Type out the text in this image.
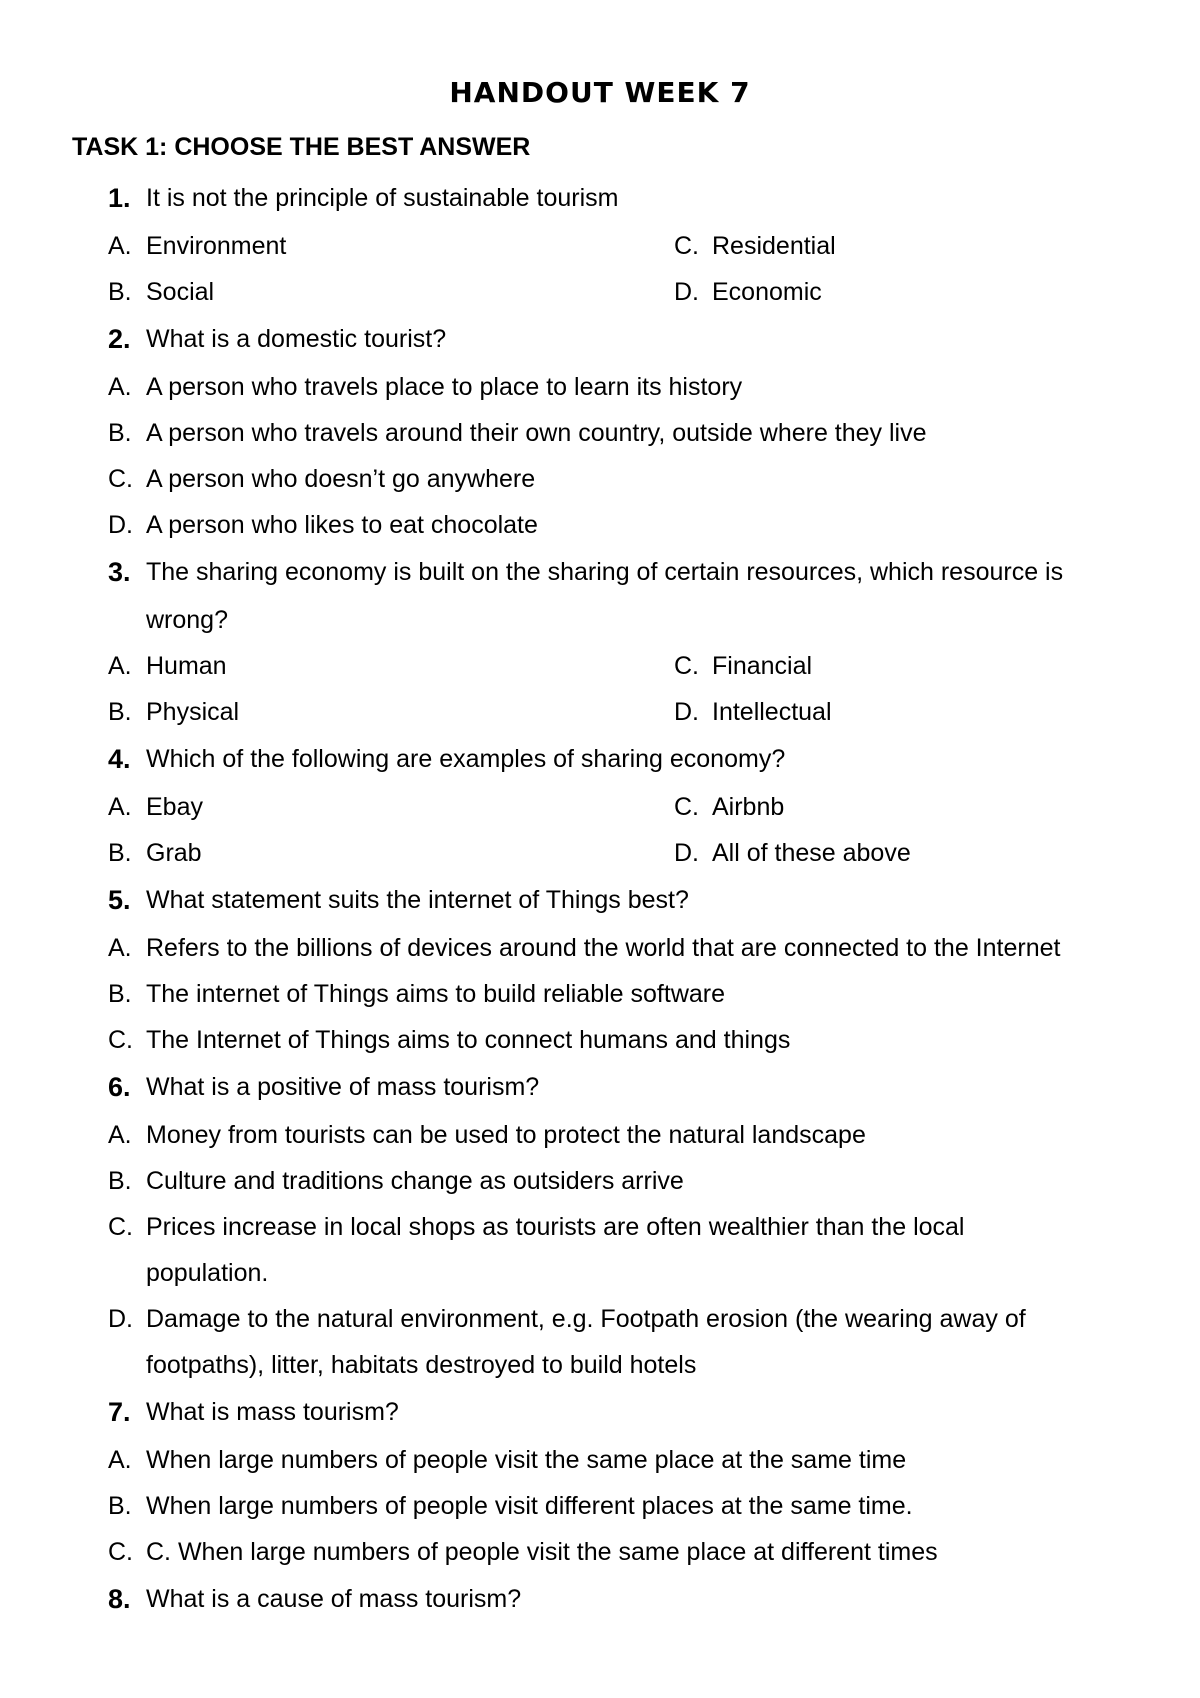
HANDOUT WEEK 7
TASK 1: CHOOSE THE BEST ANSWER
1. It is not the principle of sustainable tourism
A. Environment	C. Residential
B. Social	D. Economic
2. What is a domestic tourist?
A. A person who travels place to place to learn its history
B. A person who travels around their own country, outside where they live
C. A person who doesn’t go anywhere
D. A person who likes to eat chocolate
3. The sharing economy is built on the sharing of certain resources, which resource is
wrong?
A. Human	C. Financial
B. Physical	D. Intellectual
4. Which of the following are examples of sharing economy?
A. Ebay	C. Airbnb
B. Grab	D. All of these above
5. What statement suits the internet of Things best?
A. Refers to the billions of devices around the world that are connected to the Internet
B. The internet of Things aims to build reliable software
C. The Internet of Things aims to connect humans and things
6. What is a positive of mass tourism?
A. Money from tourists can be used to protect the natural landscape
B. Culture and traditions change as outsiders arrive
C. Prices increase in local shops as tourists are often wealthier than the local
population.
D. Damage to the natural environment, e.g. Footpath erosion (the wearing away of
footpaths), litter, habitats destroyed to build hotels
7. What is mass tourism?
A. When large numbers of people visit the same place at the same time
B. When large numbers of people visit different places at the same time.
C. C. When large numbers of people visit the same place at different times
8. What is a cause of mass tourism?
